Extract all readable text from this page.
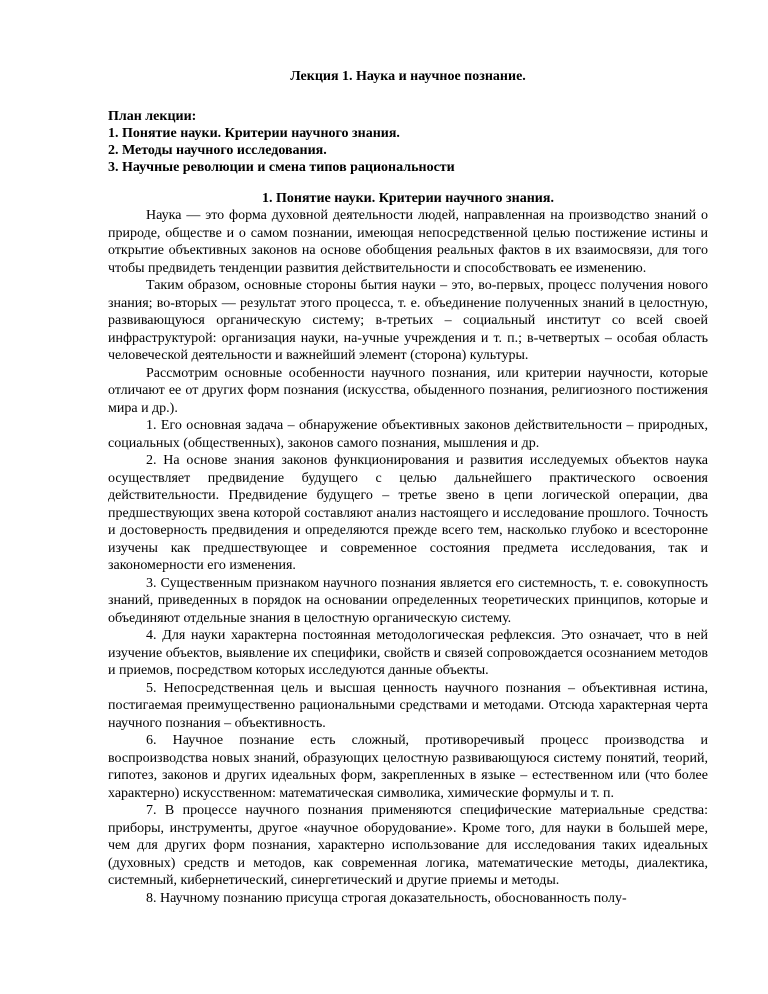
Лекция 1. Наука и научное познание.
План лекции:
1. Понятие науки. Критерии научного знания.
2. Методы научного исследования.
3. Научные революции и смена типов рациональности
1. Понятие науки. Критерии научного знания.

Наука — это форма духовной деятельности людей, направленная на производство знаний о природе, обществе и о самом познании, имеющая непосредственной целью постижение истины и открытие объективных законов на основе обобщения реальных фактов в их взаимосвязи, для того чтобы предвидеть тенденции развития действительности и способствовать ее изменению.

Таким образом, основные стороны бытия науки – это, во-первых, процесс получения нового знания; во-вторых — результат этого процесса, т. е. объединение полученных знаний в целостную, развивающуюся органическую систему; в-третьих – социальный институт со всей своей инфраструктурой: организация науки, на-учные учреждения и т. п.; в-четвертых – особая область человеческой деятельности и важнейший элемент (сторона) культуры.

Рассмотрим основные особенности научного познания, или критерии научности, которые отличают ее от других форм познания (искусства, обыденного познания, религиозного постижения мира и др.).

1. Его основная задача – обнаружение объективных законов действительности – природных, социальных (общественных), законов самого познания, мышления и др.

2. На основе знания законов функционирования и развития исследуемых объектов наука осуществляет предвидение будущего с целью дальнейшего практического освоения действительности. Предвидение будущего – третье звено в цепи логической операции, два предшествующих звена которой составляют анализ настоящего и исследование прошлого. Точность и достоверность предвидения и определяются прежде всего тем, насколько глубоко и всесторонне изучены как предшествующее и современное состояния предмета исследования, так и закономерности его изменения.

3. Существенным признаком научного познания является его системность, т. е. совокупность знаний, приведенных в порядок на основании определенных теоретических принципов, которые и объединяют отдельные знания в целостную органическую систему.

4. Для науки характерна постоянная методологическая рефлексия. Это означает, что в ней изучение объектов, выявление их специфики, свойств и связей сопровождается осознанием методов и приемов, посредством которых исследуются данные объекты.

5. Непосредственная цель и высшая ценность научного познания – объективная истина, постигаемая преимущественно рациональными средствами и методами. Отсюда характерная черта научного познания – объективность.

6. Научное познание есть сложный, противоречивый процесс производства и воспроизводства новых знаний, образующих целостную развивающуюся систему понятий, теорий, гипотез, законов и других идеальных форм, закрепленных в языке – естественном или (что более характерно) искусственном: математическая символика, химические формулы и т. п.

7. В процессе научного познания применяются специфические материальные средства: приборы, инструменты, другое «научное оборудование». Кроме того, для науки в большей мере, чем для других форм познания, характерно использование для исследования таких идеальных (духовных) средств и методов, как современная логика, математические методы, диалектика, системный, кибернетический, синергетический и другие приемы и методы.

8. Научному познанию присуща строгая доказательность, обоснованность полу-
